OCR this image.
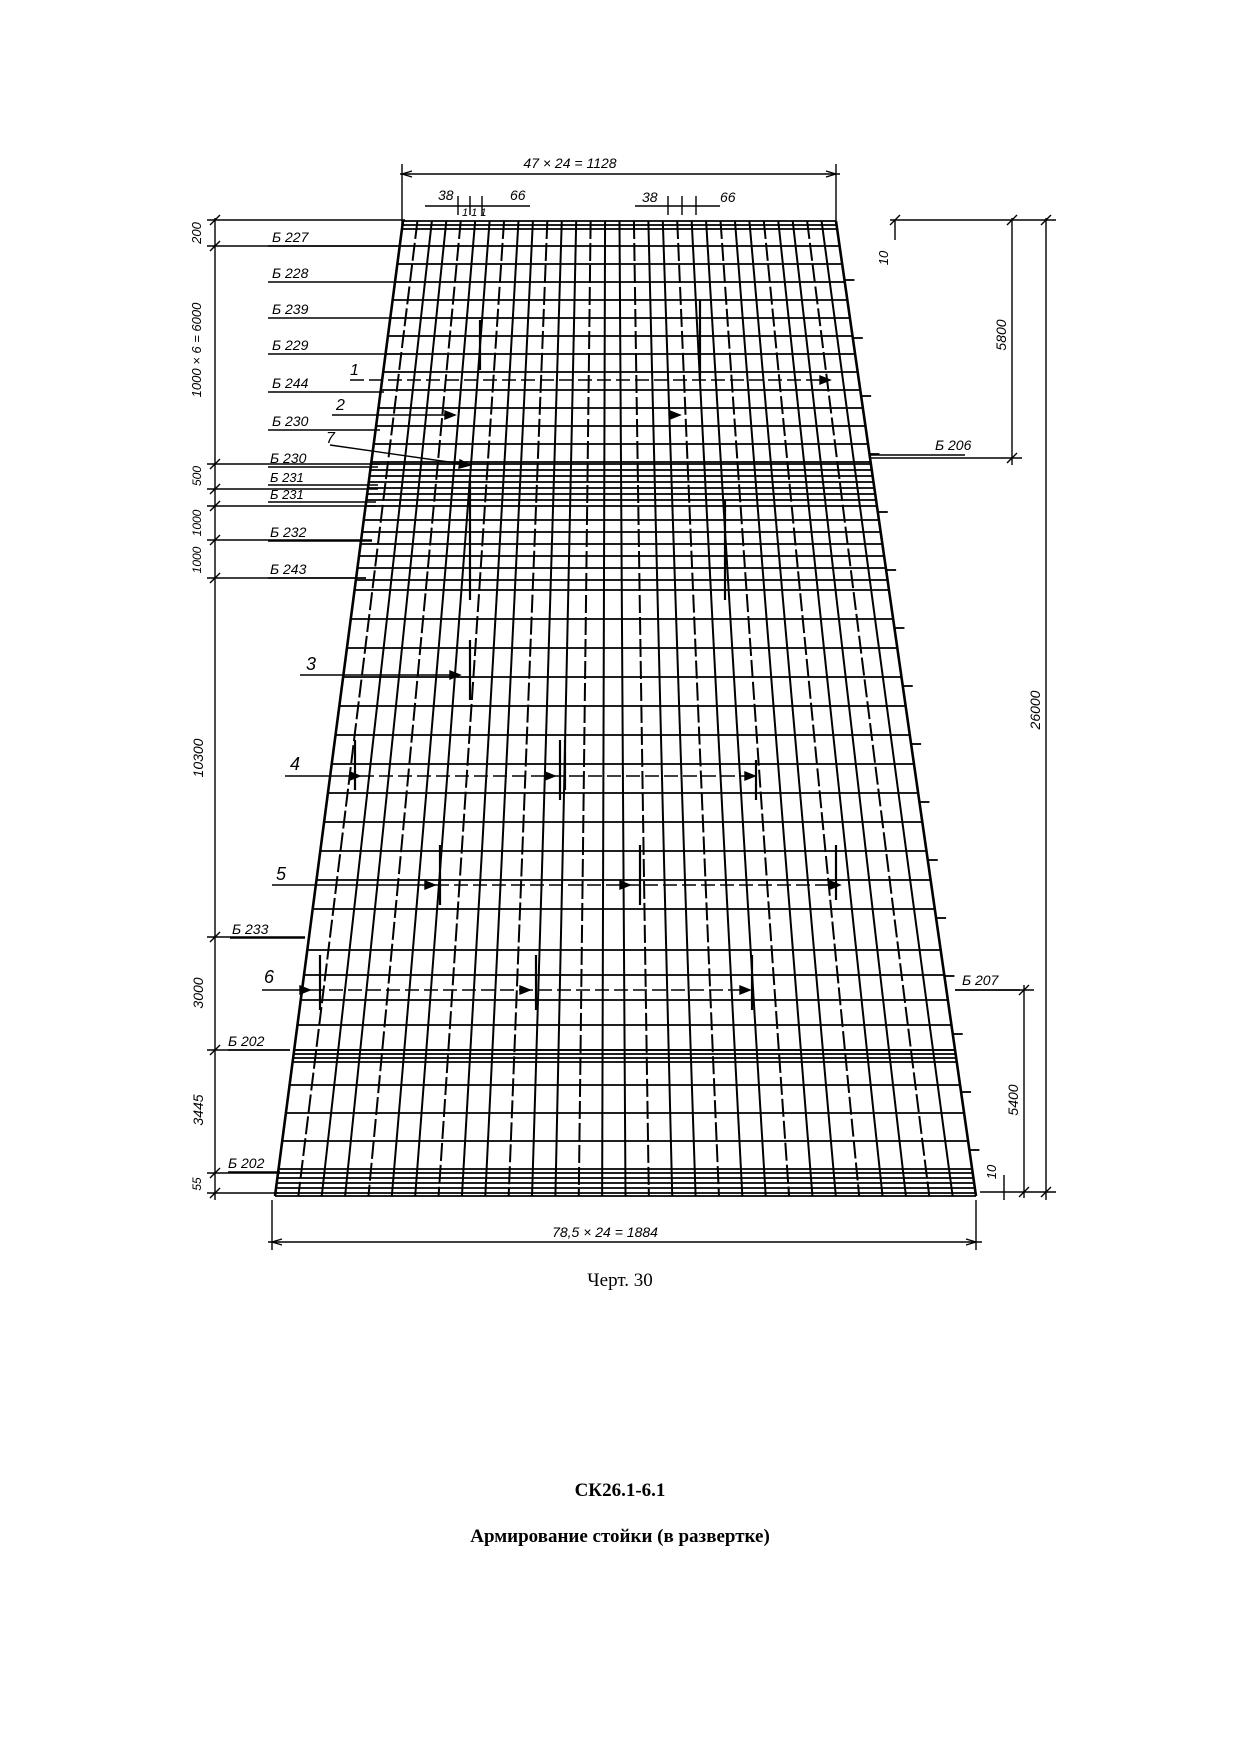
47 × 24 = 1128
38
1 1 1
66	38	66
78,5 × 24 = 1884
200
1000 × 6 = 6000
500
1000
1000
10300
3000
3445
55
10
5800
26000
5400
10
Б 227
Б 228
Б 239
Б 229
Б 244
Б 230
Б 230
Б 231
Б 231
Б 232
Б 243
Б 233
Б 202
Б 202
Б 206
Б 207
1
2
7
3
4
5
6
Черт. 30
СК26.1-6.1
Армирование стойки (в развертке)
